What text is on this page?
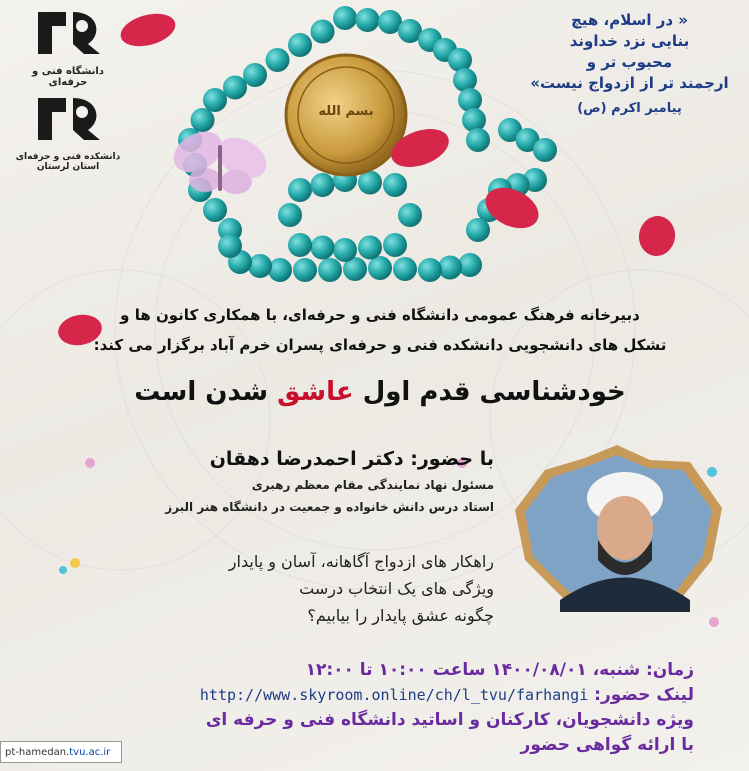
دانشگاه فنی و حرفه‌ای
دانشکده فنی و حرفه‌ای استان لرستان
بسم الله
« در اسلام، هیچ
بنایی نزد خداوند
محبوب تر و
ارجمند تر از ازدواج نیست»
پیامبر اکرم (ص)
دبیرخانه فرهنگ عمومی دانشگاه فنی و حرفه‌ای، با همکاری کانون ها و
تشکل های دانشجویی دانشکده فنی و حرفه‌ای پسران خرم آباد برگزار می کند:
خودشناسی قدم اول عاشق شدن است
با حضور: دکتر احمدرضا دهقان
مسئول نهاد نمایندگی مقام معظم رهبری
استاد درس دانش خانواده و جمعیت در دانشگاه هنر البرز
راهکار های ازدواج آگاهانه، آسان و پایدار
ویژگی های یک انتخاب درست
چگونه عشق پایدار را بیابیم؟
زمان: شنبه، ۱۴۰۰/۰۸/۰۱ ساعت ۱۰:۰۰ تا ۱۲:۰۰
لینک حضور: http://www.skyroom.online/ch/l_tvu/farhangi
ویژه دانشجویان، کارکنان و اساتید دانشگاه فنی و حرفه ای
با ارائه گواهی حضور
pt-hamedan.tvu.ac.ir
